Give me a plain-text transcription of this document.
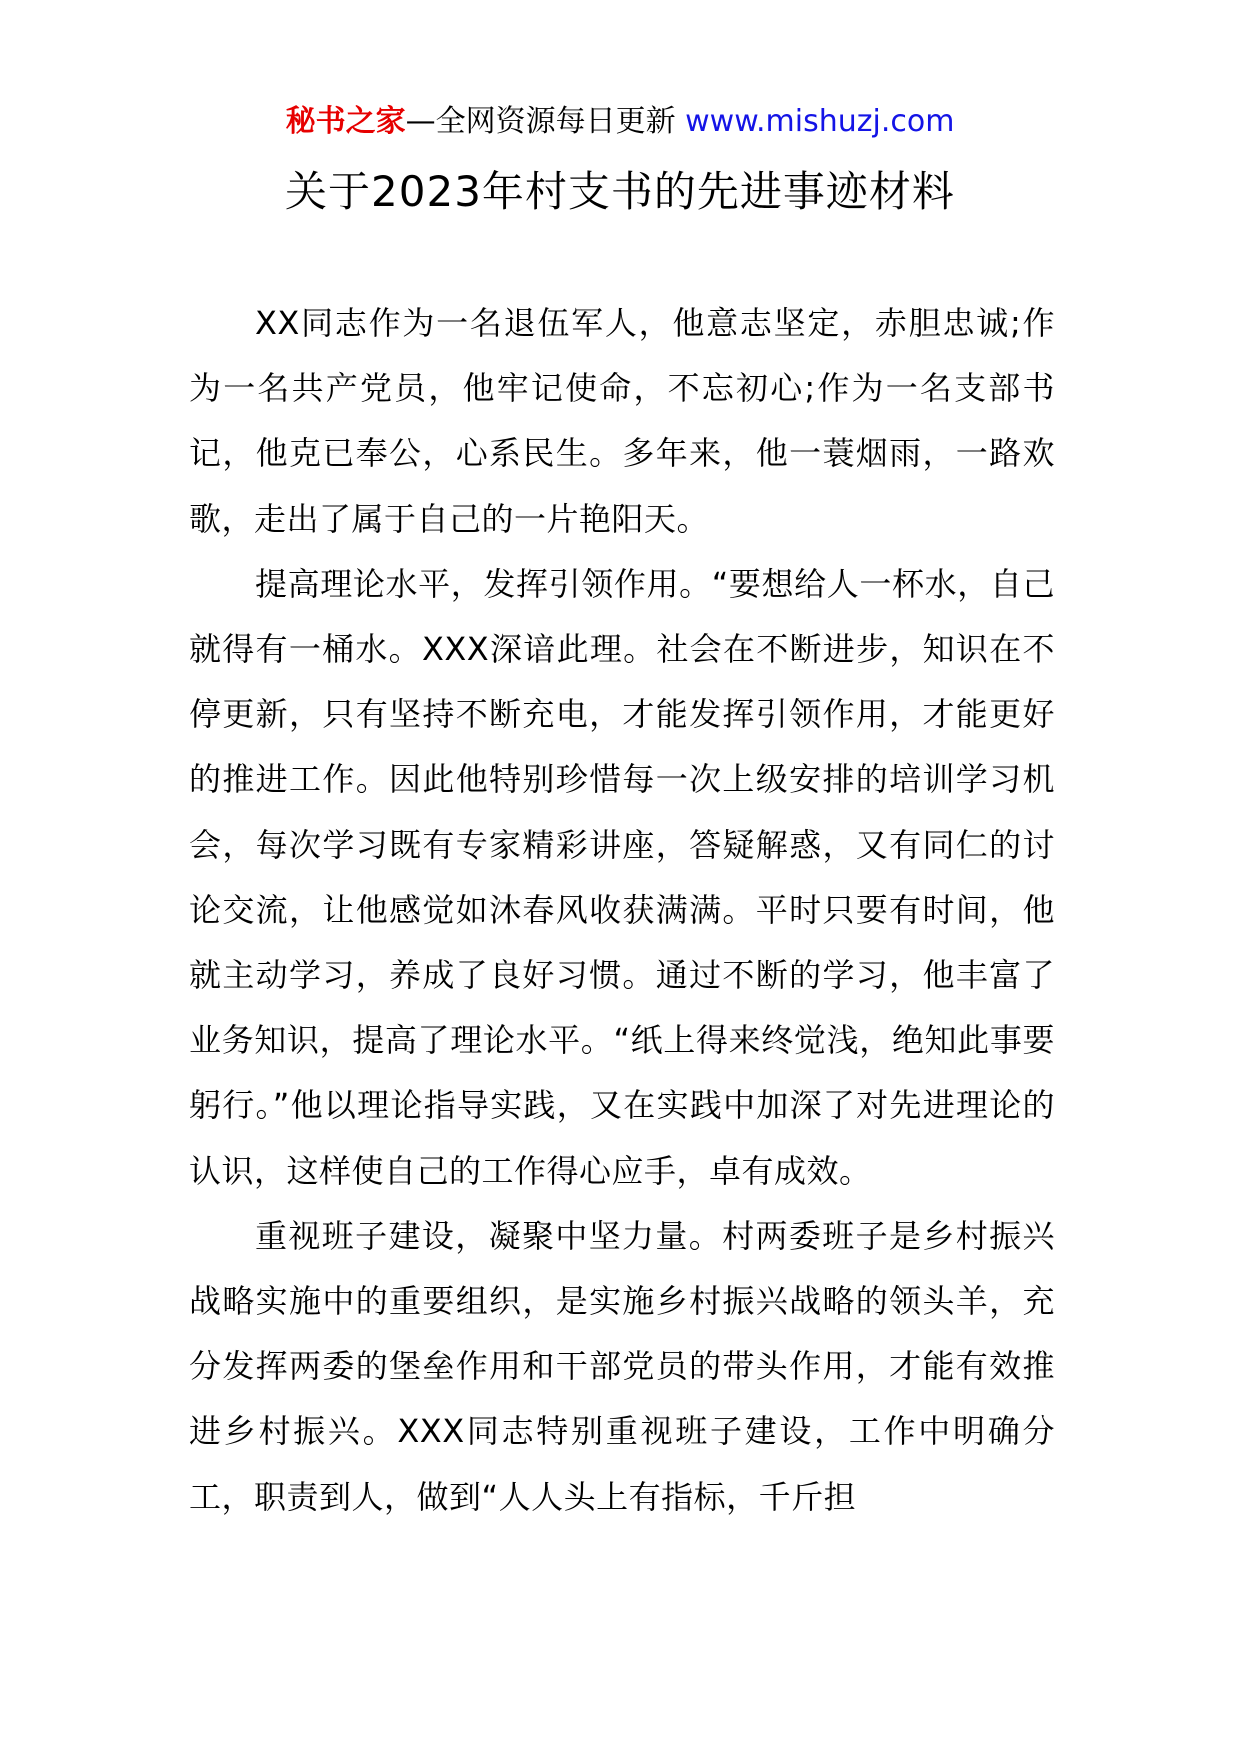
秘书之家—全网资源每日更新 www.mishuzj.com
关于2023年村支书的先进事迹材料

XX同志作为一名退伍军人，他意志坚定，赤胆忠诚;作为一名共产党员，他牢记使命，不忘初心;作为一名支部书记，他克已奉公，心系民生。多年来，他一蓑烟雨，一路欢歌，走出了属于自己的一片艳阳天。

提高理论水平，发挥引领作用。“要想给人一杯水，自己就得有一桶水。XXX深谙此理。社会在不断进步，知识在不停更新，只有坚持不断充电，才能发挥引领作用，才能更好的推进工作。因此他特别珍惜每一次上级安排的培训学习机会，每次学习既有专家精彩讲座，答疑解惑，又有同仁的讨论交流，让他感觉如沐春风收获满满。平时只要有时间，他就主动学习，养成了良好习惯。通过不断的学习，他丰富了业务知识，提高了理论水平。“纸上得来终觉浅，绝知此事要躬行。”他以理论指导实践，又在实践中加深了对先进理论的认识，这样使自己的工作得心应手，卓有成效。

重视班子建设，凝聚中坚力量。村两委班子是乡村振兴战略实施中的重要组织，是实施乡村振兴战略的领头羊，充分发挥两委的堡垒作用和干部党员的带头作用，才能有效推进乡村振兴。XXX同志特别重视班子建设，工作中明确分工，职责到人，做到“人人头上有指标，千斤担
